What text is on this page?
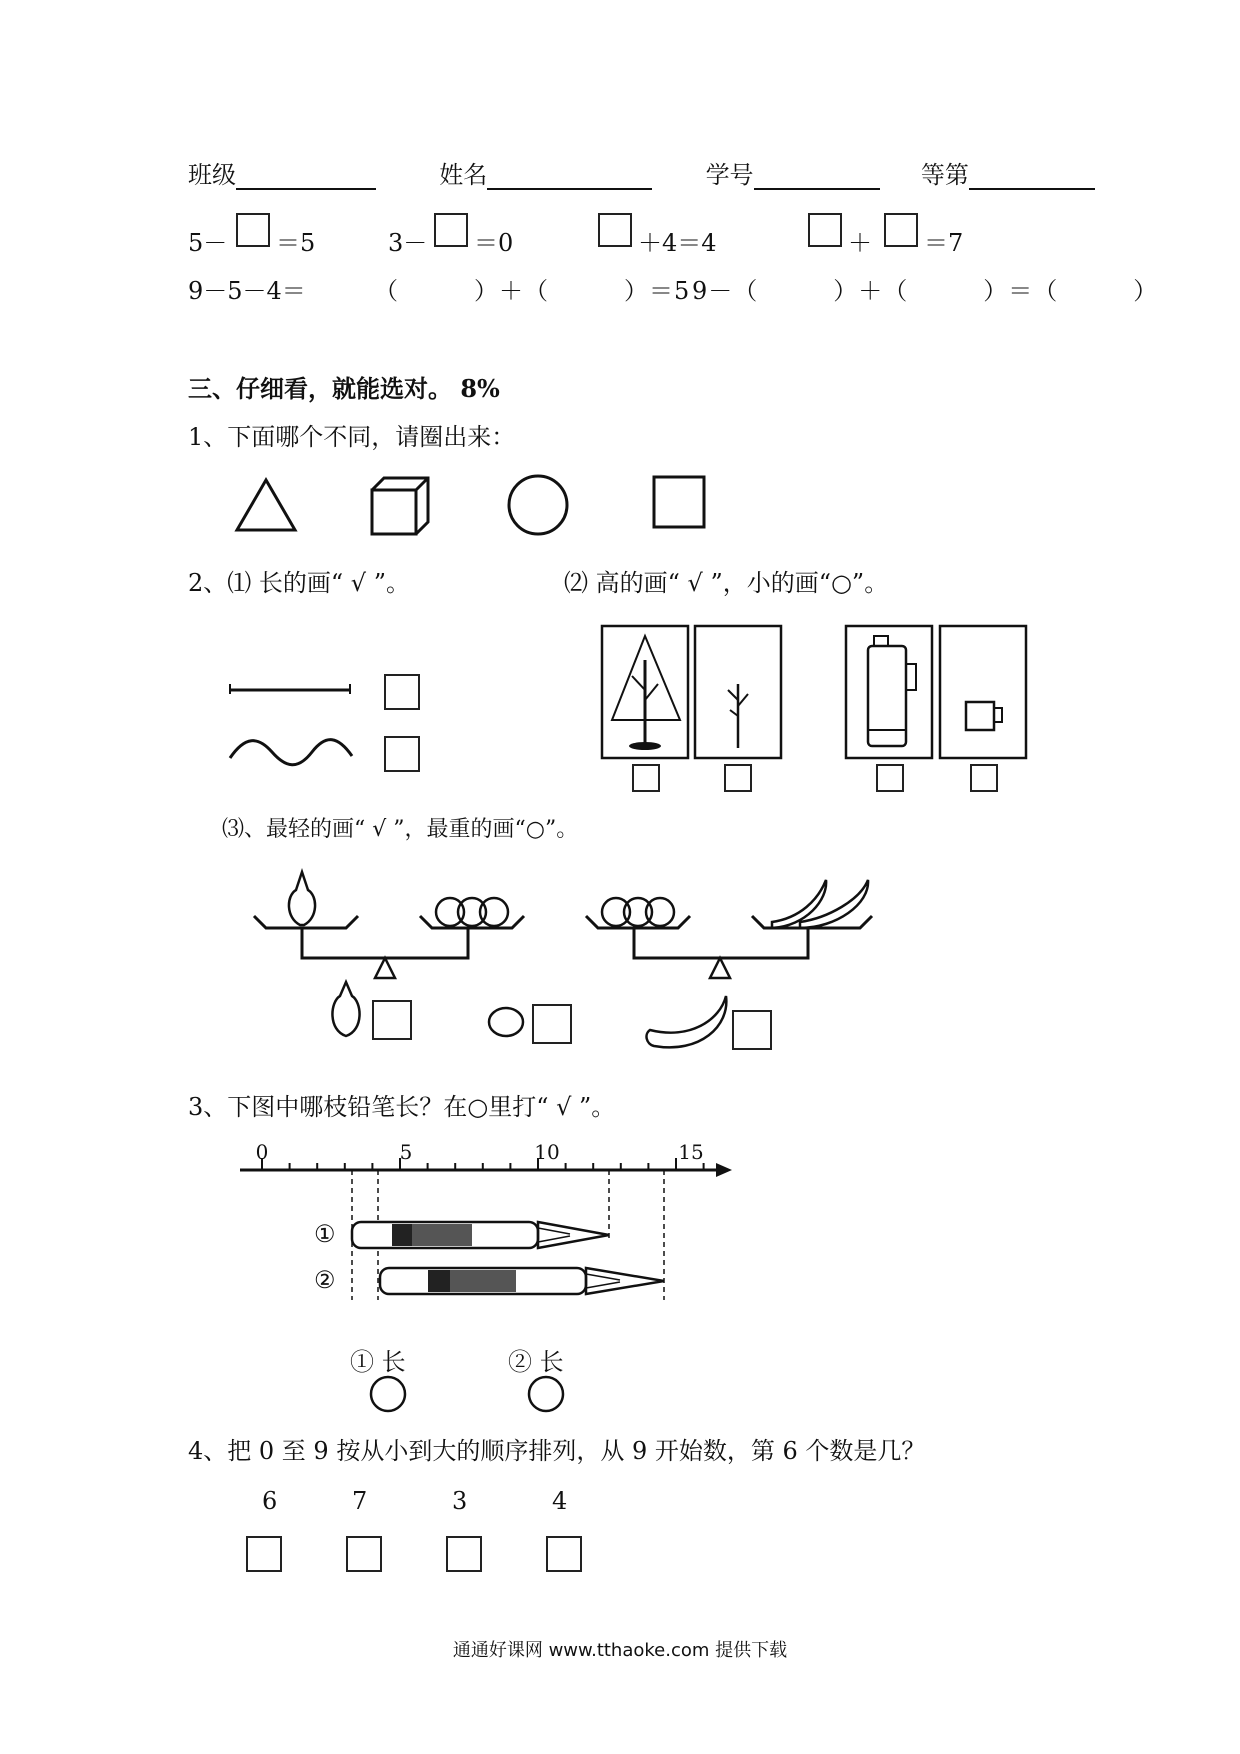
班级	姓名	学号	等第
5－ ＝5	3－ ＝0	＋4＝4	＋ ＝7
9－5－4＝	（　　　）＋（　　　）＝5 9－（　　　）＋（　　　）＝（　　　）
三、仔细看，就能选对。 8%
1、下面哪个不同，请圈出来：
2、⑴ 长的画“ √ ”。	⑵ 高的画“ √ ”，小的画“○”。
⑶、最轻的画“ √ ”，最重的画“○”。
3、下图中哪枝铅笔长？在○里打“ √ ”。
0	5	10	15
①
②
① 长	② 长
4、把 0 至 9 按从小到大的顺序排列，从 9 开始数，第 6 个数是几？
6	7	3	4
通通好课网 www.tthaoke.com 提供下载
